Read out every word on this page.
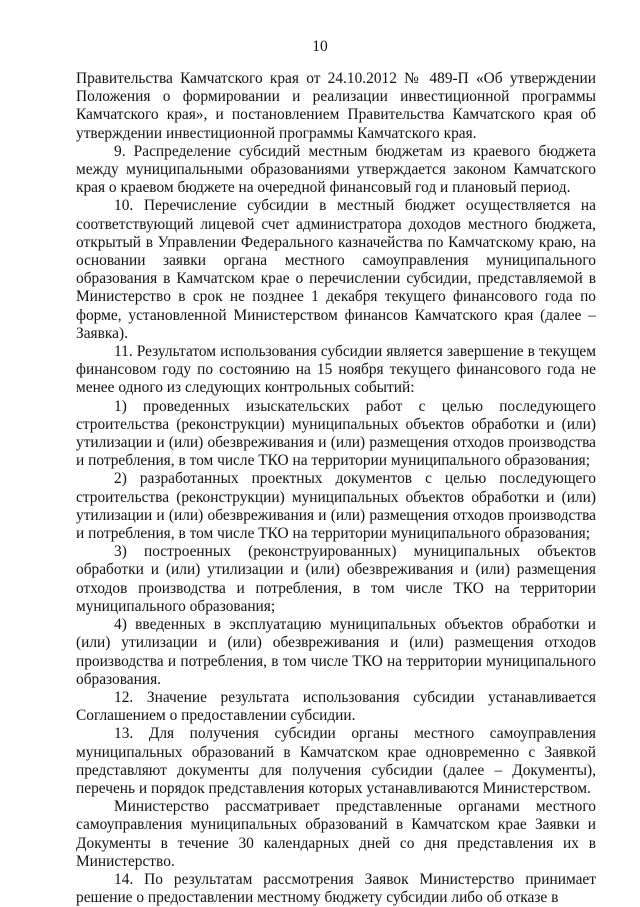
10

Правительства Камчатского края от 24.10.2012 № 489-П «Об утверждении Положения о формировании и реализации инвестиционной программы Камчатского края», и постановлением Правительства Камчатского края об утверждении инвестиционной программы Камчатского края.

9. Распределение субсидий местным бюджетам из краевого бюджета между муниципальными образованиями утверждается законом Камчатского края о краевом бюджете на очередной финансовый год и плановый период.

10. Перечисление субсидии в местный бюджет осуществляется на соответствующий лицевой счет администратора доходов местного бюджета, открытый в Управлении Федерального казначейства по Камчатскому краю, на основании заявки органа местного самоуправления муниципального образования в Камчатском крае о перечислении субсидии, представляемой в Министерство в срок не позднее 1 декабря текущего финансового года по форме, установленной Министерством финансов Камчатского края (далее – Заявка).

11. Результатом использования субсидии является завершение в текущем финансовом году по состоянию на 15 ноября текущего финансового года не менее одного из следующих контрольных событий:

1) проведенных изыскательских работ с целью последующего строительства (реконструкции) муниципальных объектов обработки и (или) утилизации и (или) обезвреживания и (или) размещения отходов производства и потребления, в том числе ТКО на территории муниципального образования;

2) разработанных проектных документов с целью последующего строительства (реконструкции) муниципальных объектов обработки и (или) утилизации и (или) обезвреживания и (или) размещения отходов производства и потребления, в том числе ТКО на территории муниципального образования;

3) построенных (реконструированных) муниципальных объектов обработки и (или) утилизации и (или) обезвреживания и (или) размещения отходов производства и потребления, в том числе ТКО на территории муниципального образования;

4) введенных в эксплуатацию муниципальных объектов обработки и (или) утилизации и (или) обезвреживания и (или) размещения отходов производства и потребления, в том числе ТКО на территории муниципального образования.

12. Значение результата использования субсидии устанавливается Соглашением о предоставлении субсидии.

13. Для получения субсидии органы местного самоуправления муниципальных образований в Камчатском крае одновременно с Заявкой представляют документы для получения субсидии (далее – Документы), перечень и порядок представления которых устанавливаются Министерством.

Министерство рассматривает представленные органами местного самоуправления муниципальных образований в Камчатском крае Заявки и Документы в течение 30 календарных дней со дня представления их в Министерство.

14. По результатам рассмотрения Заявок Министерство принимает решение о предоставлении местному бюджету субсидии либо об отказе в
